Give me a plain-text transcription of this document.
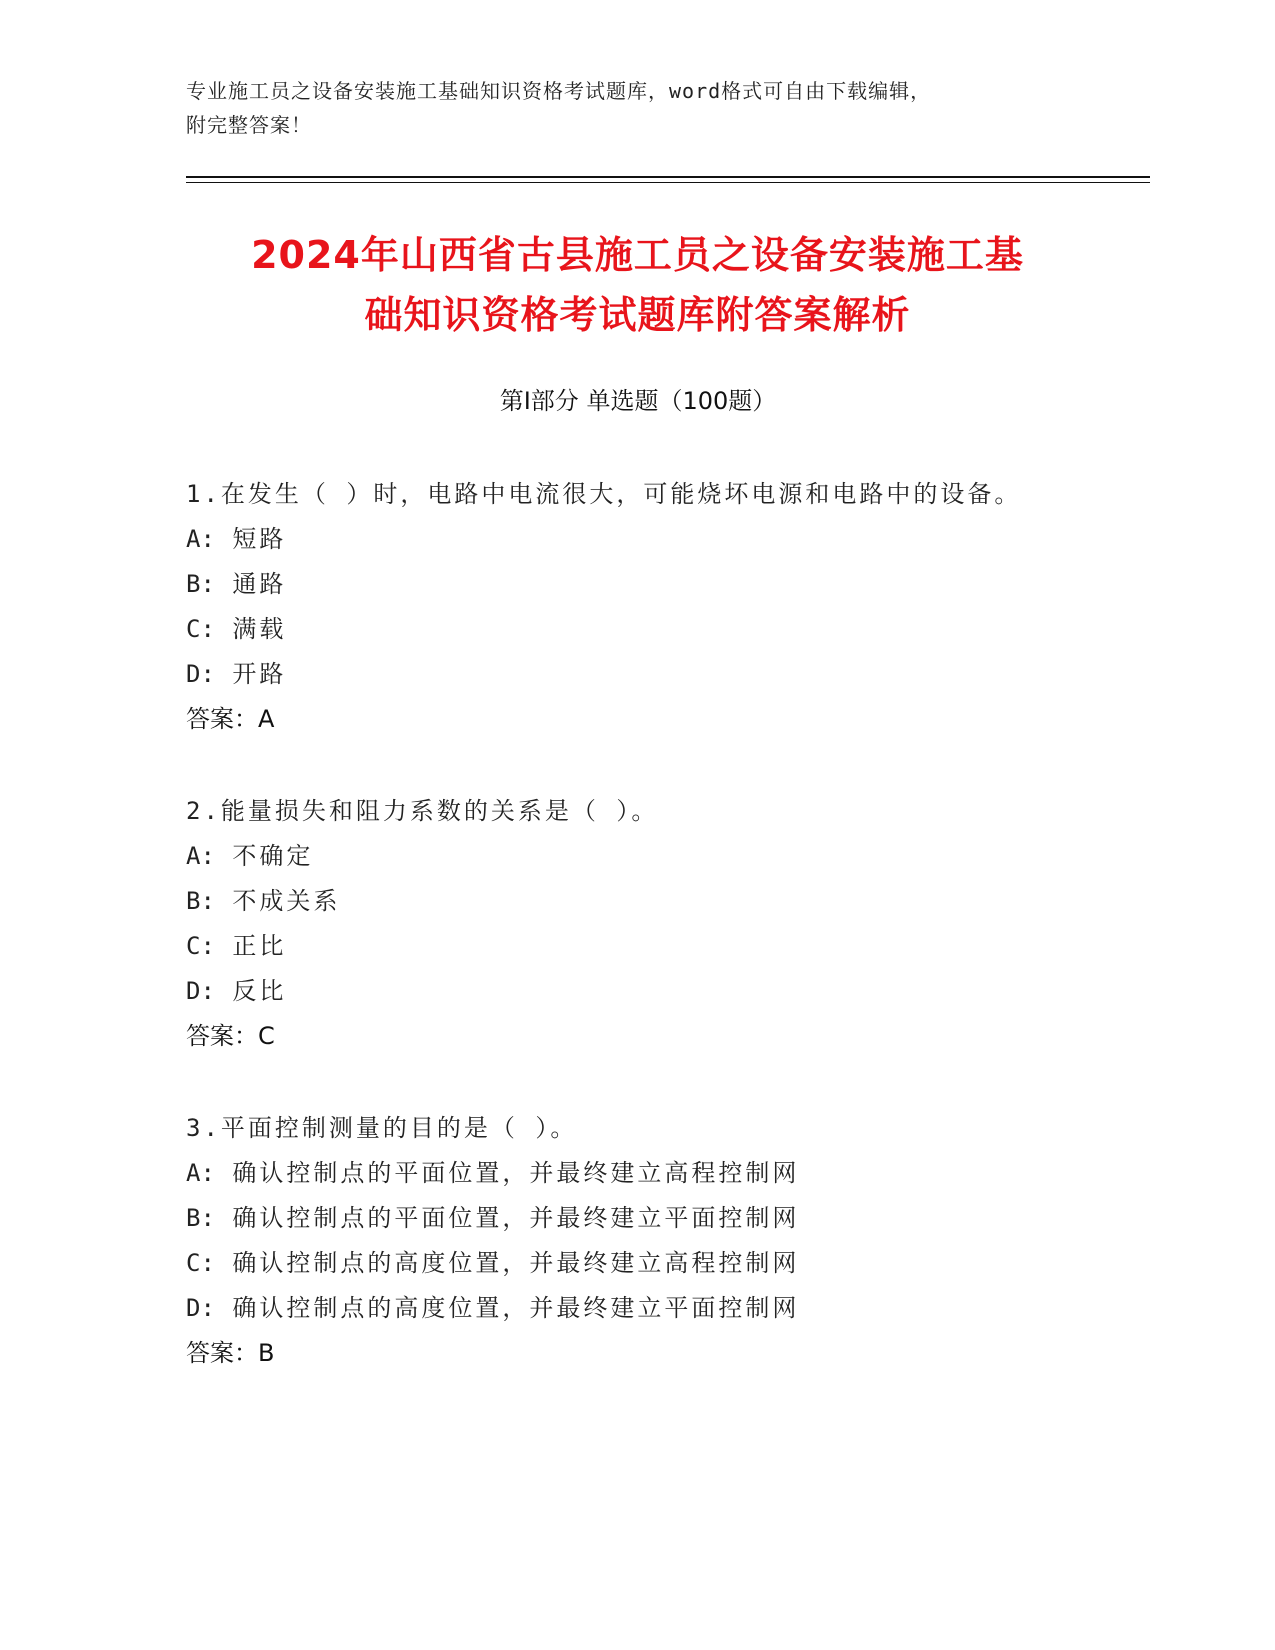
专业施工员之设备安装施工基础知识资格考试题库，word格式可自由下载编辑，
附完整答案！
2024年山西省古县施工员之设备安装施工基
础知识资格考试题库附答案解析
第Ⅰ部分 单选题（100题）
1.在发生（ ）时，电路中电流很大，可能烧坏电源和电路中的设备。
A: 短路
B: 通路
C: 满载
D: 开路
答案：A
2.能量损失和阻力系数的关系是（ ）。
A: 不确定
B: 不成关系
C: 正比
D: 反比
答案：C
3.平面控制测量的目的是（ ）。
A: 确认控制点的平面位置，并最终建立高程控制网
B: 确认控制点的平面位置，并最终建立平面控制网
C: 确认控制点的高度位置，并最终建立高程控制网
D: 确认控制点的高度位置，并最终建立平面控制网
答案：B
